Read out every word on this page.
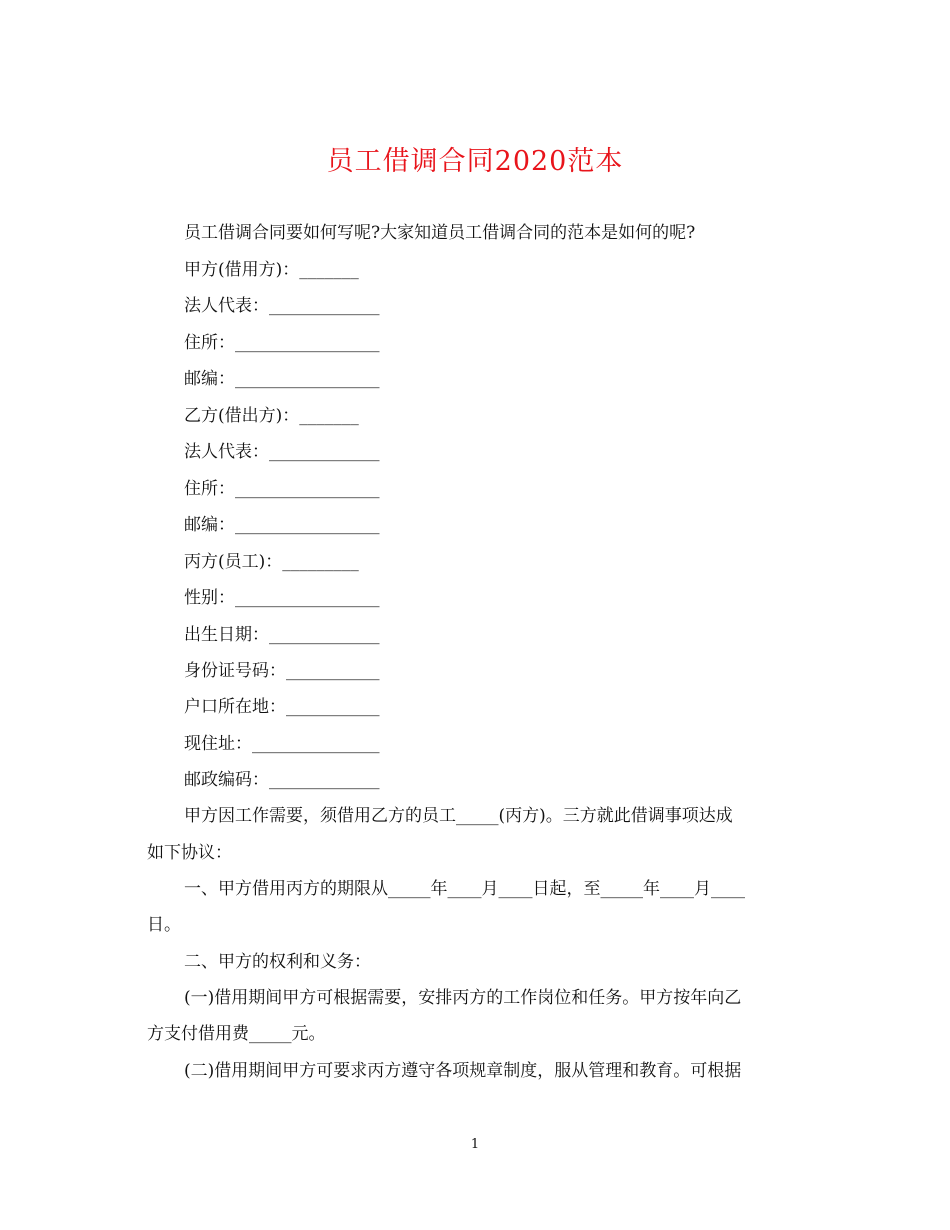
员工借调合同2020范本

员工借调合同要如何写呢?大家知道员工借调合同的范本是如何的呢?

甲方(借用方)：_______

法人代表：_____________

住所：_________________

邮编：_________________

乙方(借出方)：_______

法人代表：_____________

住所：_________________

邮编：_________________

丙方(员工)：_________

性别：_________________

出生日期：_____________

身份证号码：___________

户口所在地：___________

现住址：_______________

邮政编码：_____________

甲方因工作需要，须借用乙方的员工_____(丙方)。三方就此借调事项达成

如下协议：

一、甲方借用丙方的期限从_____年____月____日起，至_____年____月____

日。

二、甲方的权利和义务：

(一)借用期间甲方可根据需要，安排丙方的工作岗位和任务。甲方按年向乙

方支付借用费_____元。

(二)借用期间甲方可要求丙方遵守各项规章制度，服从管理和教育。可根据

1
